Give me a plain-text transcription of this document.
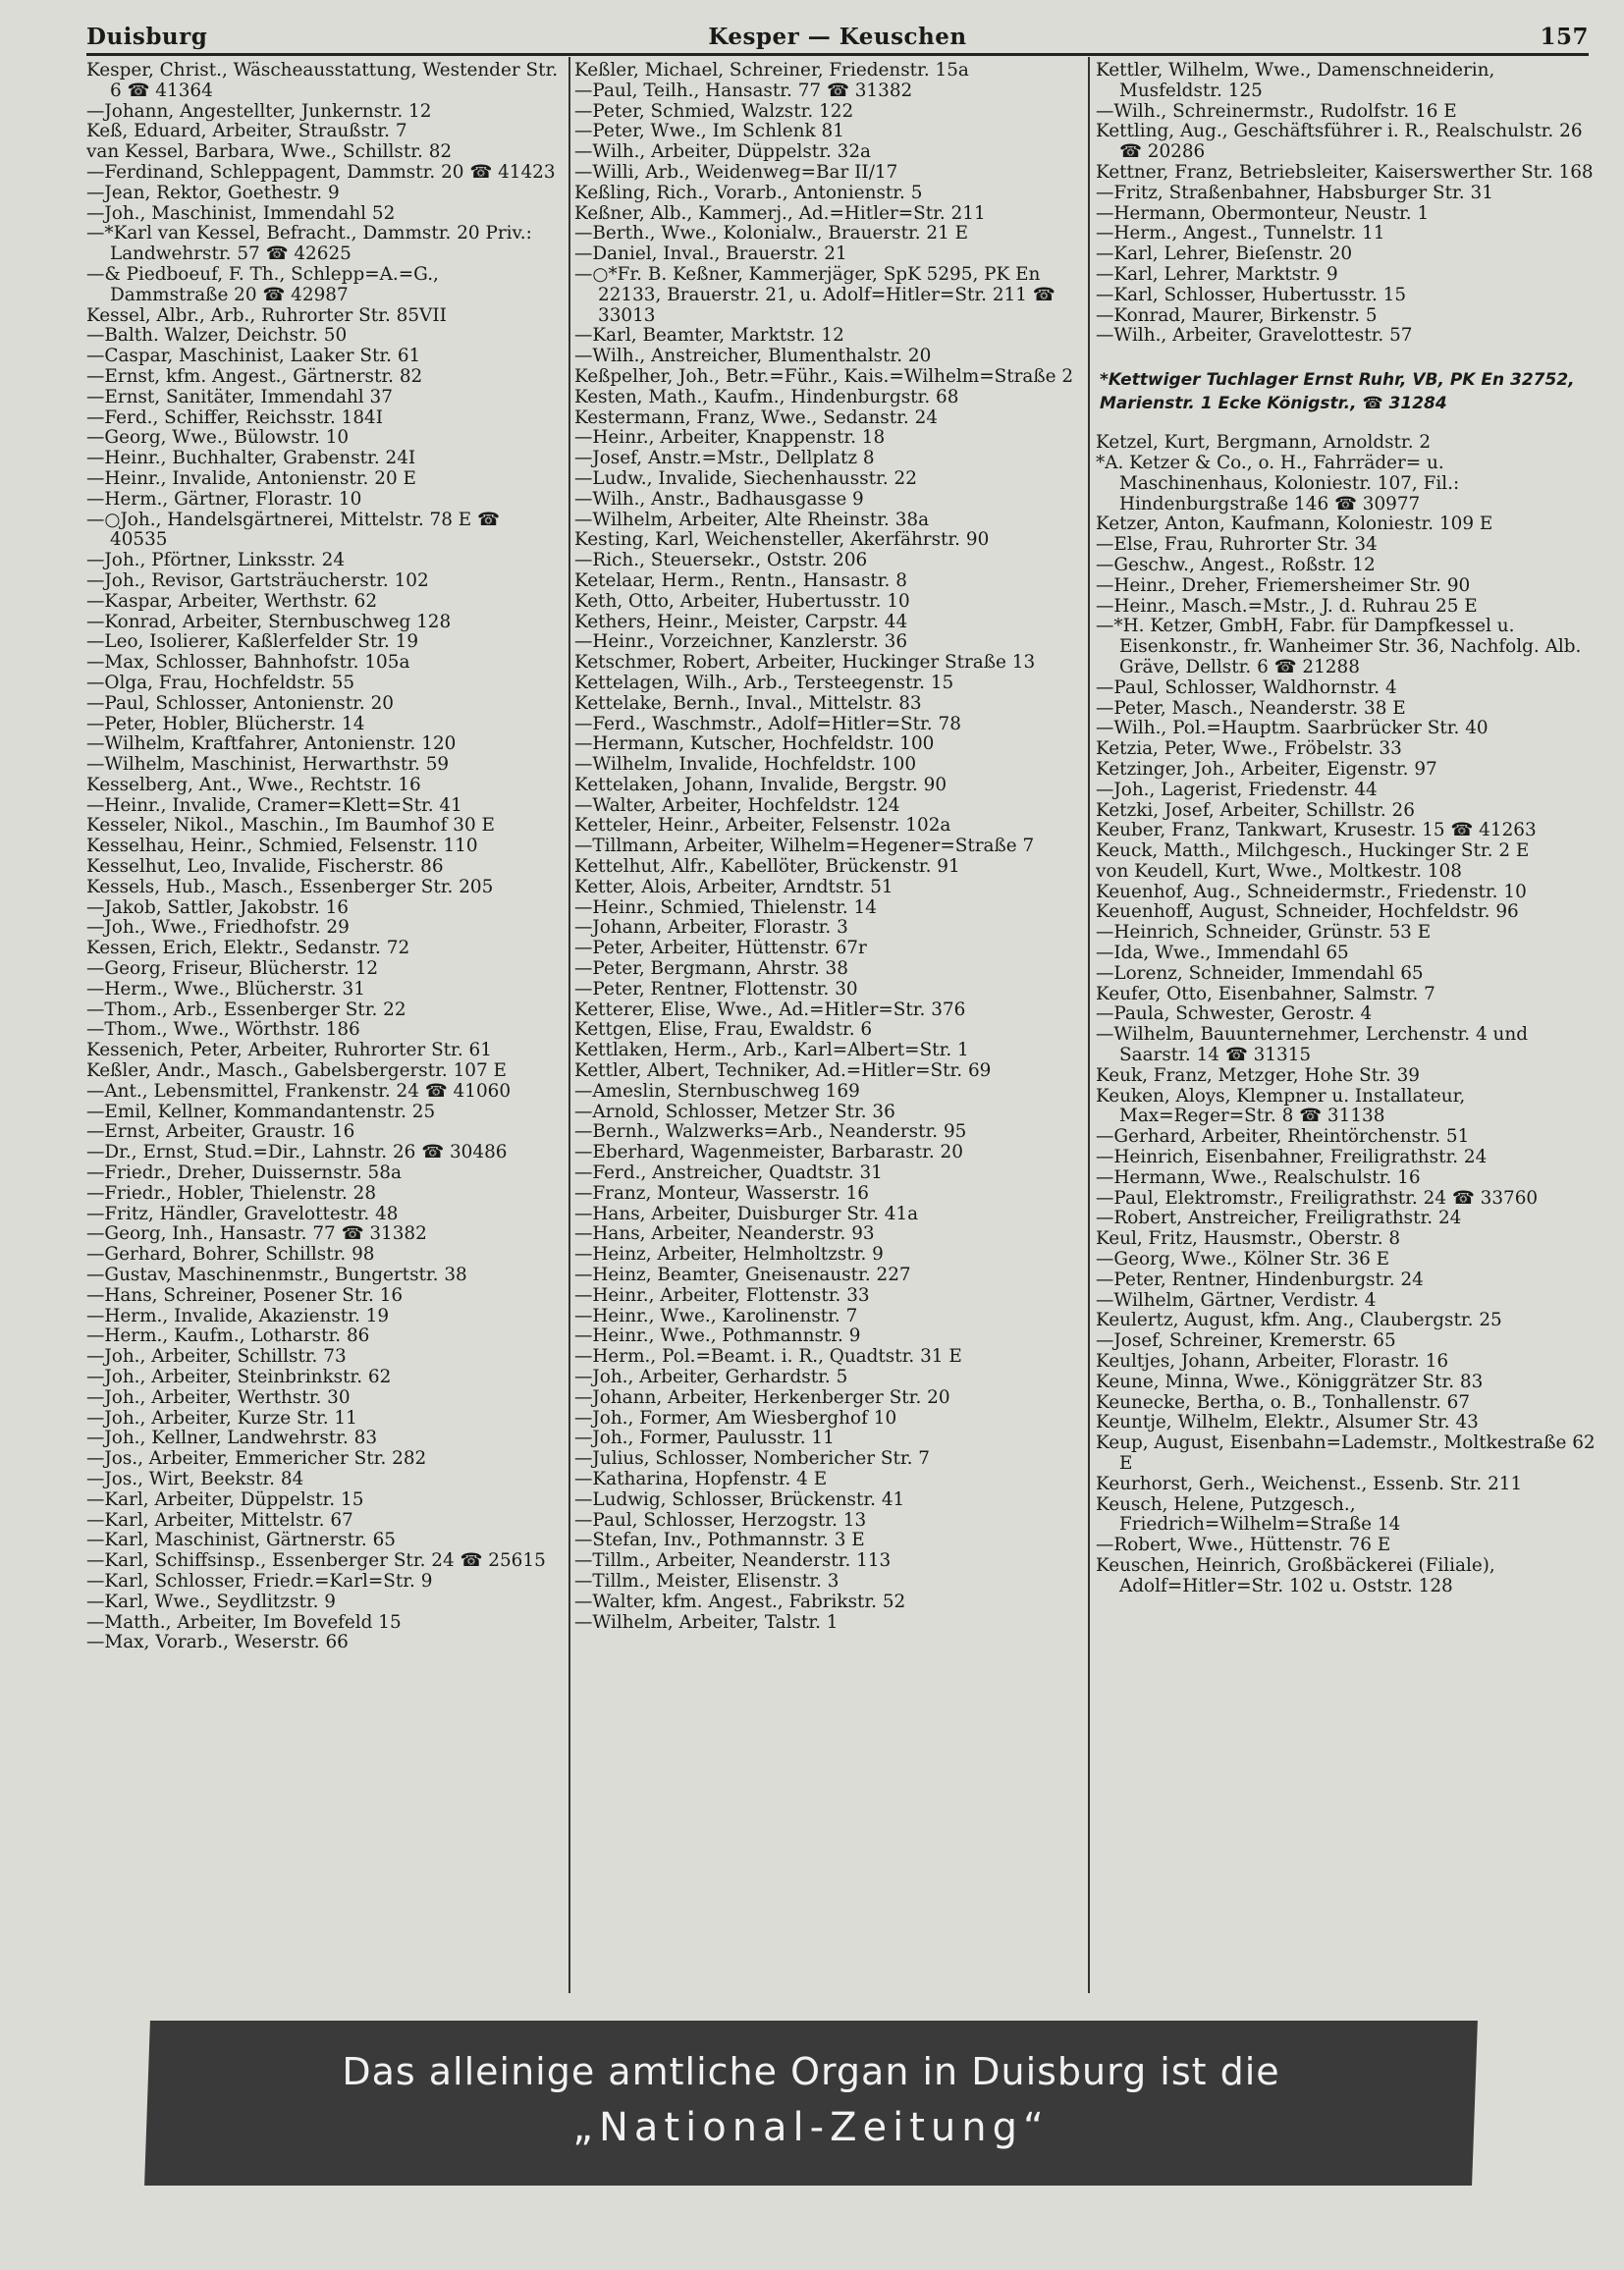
Duisburg	Kesper — Keuschen	157
Kesper, Christ., Wäscheausstattung, Westender Str. 6 ☎ 41364
—Johann, Angestellter, Junkernstr. 12
Keß, Eduard, Arbeiter, Straußstr. 7
van Kessel, Barbara, Wwe., Schillstr. 82
—Ferdinand, Schleppagent, Dammstr. 20 ☎ 41423
—Jean, Rektor, Goethestr. 9
—Joh., Maschinist, Immendahl 52
—*Karl van Kessel, Befracht., Dammstr. 20 Priv.: Landwehrstr. 57 ☎ 42625
—& Piedboeuf, F. Th., Schlepp=A.=G., Dammstraße 20 ☎ 42987
Kessel, Albr., Arb., Ruhrorter Str. 85VII
—Balth. Walzer, Deichstr. 50
—Caspar, Maschinist, Laaker Str. 61
—Ernst, kfm. Angest., Gärtnerstr. 82
—Ernst, Sanitäter, Immendahl 37
—Ferd., Schiffer, Reichsstr. 184I
—Georg, Wwe., Bülowstr. 10
—Heinr., Buchhalter, Grabenstr. 24I
—Heinr., Invalide, Antonienstr. 20 E
—Herm., Gärtner, Florastr. 10
—○Joh., Handelsgärtnerei, Mittelstr. 78 E ☎ 40535
—Joh., Pförtner, Linksstr. 24
—Joh., Revisor, Gartsträucherstr. 102
—Kaspar, Arbeiter, Werthstr. 62
—Konrad, Arbeiter, Sternbuschweg 128
—Leo, Isolierer, Kaßlerfelder Str. 19
—Max, Schlosser, Bahnhofstr. 105a
—Olga, Frau, Hochfeldstr. 55
—Paul, Schlosser, Antonienstr. 20
—Peter, Hobler, Blücherstr. 14
—Wilhelm, Kraftfahrer, Antonienstr. 120
—Wilhelm, Maschinist, Herwarthstr. 59
Kesselberg, Ant., Wwe., Rechtstr. 16
—Heinr., Invalide, Cramer=Klett=Str. 41
Kesseler, Nikol., Maschin., Im Baumhof 30 E
Kesselhau, Heinr., Schmied, Felsenstr. 110
Kesselhut, Leo, Invalide, Fischerstr. 86
Kessels, Hub., Masch., Essenberger Str. 205
—Jakob, Sattler, Jakobstr. 16
—Joh., Wwe., Friedhofstr. 29
Kessen, Erich, Elektr., Sedanstr. 72
—Georg, Friseur, Blücherstr. 12
—Herm., Wwe., Blücherstr. 31
—Thom., Arb., Essenberger Str. 22
—Thom., Wwe., Wörthstr. 186
Kessenich, Peter, Arbeiter, Ruhrorter Str. 61
Keßler, Andr., Masch., Gabelsbergerstr. 107 E
—Ant., Lebensmittel, Frankenstr. 24 ☎ 41060
—Emil, Kellner, Kommandantenstr. 25
—Ernst, Arbeiter, Graustr. 16
—Dr., Ernst, Stud.=Dir., Lahnstr. 26 ☎ 30486
—Friedr., Dreher, Duissernstr. 58a
—Friedr., Hobler, Thielenstr. 28
—Fritz, Händler, Gravelottestr. 48
—Georg, Inh., Hansastr. 77 ☎ 31382
—Gerhard, Bohrer, Schillstr. 98
—Gustav, Maschinenmstr., Bungertstr. 38
—Hans, Schreiner, Posener Str. 16
—Herm., Invalide, Akazienstr. 19
—Herm., Kaufm., Lotharstr. 86
—Joh., Arbeiter, Schillstr. 73
—Joh., Arbeiter, Steinbrinkstr. 62
—Joh., Arbeiter, Werthstr. 30
—Joh., Arbeiter, Kurze Str. 11
—Joh., Kellner, Landwehrstr. 83
—Jos., Arbeiter, Emmericher Str. 282
—Jos., Wirt, Beekstr. 84
—Karl, Arbeiter, Düppelstr. 15
—Karl, Arbeiter, Mittelstr. 67
—Karl, Maschinist, Gärtnerstr. 65
—Karl, Schiffsinsp., Essenberger Str. 24 ☎ 25615
—Karl, Schlosser, Friedr.=Karl=Str. 9
—Karl, Wwe., Seydlitzstr. 9
—Matth., Arbeiter, Im Bovefeld 15
—Max, Vorarb., Weserstr. 66
Keßler, Michael, Schreiner, Friedenstr. 15a
—Paul, Teilh., Hansastr. 77 ☎ 31382
—Peter, Schmied, Walzstr. 122
—Peter, Wwe., Im Schlenk 81
—Wilh., Arbeiter, Düppelstr. 32a
—Willi, Arb., Weidenweg=Bar II/17
Keßling, Rich., Vorarb., Antonienstr. 5
Keßner, Alb., Kammerj., Ad.=Hitler=Str. 211
—Berth., Wwe., Kolonialw., Brauerstr. 21 E
—Daniel, Inval., Brauerstr. 21
—○*Fr. B. Keßner, Kammerjäger, SpK 5295, PK En 22133, Brauerstr. 21, u. Adolf=Hitler=Str. 211 ☎ 33013
—Karl, Beamter, Marktstr. 12
—Wilh., Anstreicher, Blumenthalstr. 20
Keßpelher, Joh., Betr.=Führ., Kais.=Wilhelm=Straße 2
Kesten, Math., Kaufm., Hindenburgstr. 68
Kestermann, Franz, Wwe., Sedanstr. 24
—Heinr., Arbeiter, Knappenstr. 18
—Josef, Anstr.=Mstr., Dellplatz 8
—Ludw., Invalide, Siechenhausstr. 22
—Wilh., Anstr., Badhausgasse 9
—Wilhelm, Arbeiter, Alte Rheinstr. 38a
Kesting, Karl, Weichensteller, Akerfährstr. 90
—Rich., Steuersekr., Oststr. 206
Ketelaar, Herm., Rentn., Hansastr. 8
Keth, Otto, Arbeiter, Hubertusstr. 10
Kethers, Heinr., Meister, Carpstr. 44
—Heinr., Vorzeichner, Kanzlerstr. 36
Ketschmer, Robert, Arbeiter, Huckinger Straße 13
Kettelagen, Wilh., Arb., Tersteegenstr. 15
Kettelake, Bernh., Inval., Mittelstr. 83
—Ferd., Waschmstr., Adolf=Hitler=Str. 78
—Hermann, Kutscher, Hochfeldstr. 100
—Wilhelm, Invalide, Hochfeldstr. 100
Kettelaken, Johann, Invalide, Bergstr. 90
—Walter, Arbeiter, Hochfeldstr. 124
Ketteler, Heinr., Arbeiter, Felsenstr. 102a
—Tillmann, Arbeiter, Wilhelm=Hegener=Straße 7
Kettelhut, Alfr., Kabellöter, Brückenstr. 91
Ketter, Alois, Arbeiter, Arndtstr. 51
—Heinr., Schmied, Thielenstr. 14
—Johann, Arbeiter, Florastr. 3
—Peter, Arbeiter, Hüttenstr. 67r
—Peter, Bergmann, Ahrstr. 38
—Peter, Rentner, Flottenstr. 30
Ketterer, Elise, Wwe., Ad.=Hitler=Str. 376
Kettgen, Elise, Frau, Ewaldstr. 6
Kettlaken, Herm., Arb., Karl=Albert=Str. 1
Kettler, Albert, Techniker, Ad.=Hitler=Str. 69
—Ameslin, Sternbuschweg 169
—Arnold, Schlosser, Metzer Str. 36
—Bernh., Walzwerks=Arb., Neanderstr. 95
—Eberhard, Wagenmeister, Barbarastr. 20
—Ferd., Anstreicher, Quadtstr. 31
—Franz, Monteur, Wasserstr. 16
—Hans, Arbeiter, Duisburger Str. 41a
—Hans, Arbeiter, Neanderstr. 93
—Heinz, Arbeiter, Helmholtzstr. 9
—Heinz, Beamter, Gneisenaustr. 227
—Heinr., Arbeiter, Flottenstr. 33
—Heinr., Wwe., Karolinenstr. 7
—Heinr., Wwe., Pothmannstr. 9
—Herm., Pol.=Beamt. i. R., Quadtstr. 31 E
—Joh., Arbeiter, Gerhardstr. 5
—Johann, Arbeiter, Herkenberger Str. 20
—Joh., Former, Am Wiesberghof 10
—Joh., Former, Paulusstr. 11
—Julius, Schlosser, Nombericher Str. 7
—Katharina, Hopfenstr. 4 E
—Ludwig, Schlosser, Brückenstr. 41
—Paul, Schlosser, Herzogstr. 13
—Stefan, Inv., Pothmannstr. 3 E
—Tillm., Arbeiter, Neanderstr. 113
—Tillm., Meister, Elisenstr. 3
—Walter, kfm. Angest., Fabrikstr. 52
—Wilhelm, Arbeiter, Talstr. 1
Kettler, Wilhelm, Wwe., Damenschneiderin, Musfeldstr. 125
—Wilh., Schreinermstr., Rudolfstr. 16 E
Kettling, Aug., Geschäftsführer i. R., Realschulstr. 26 ☎ 20286
Kettner, Franz, Betriebsleiter, Kaiserswerther Str. 168
—Fritz, Straßenbahner, Habsburger Str. 31
—Hermann, Obermonteur, Neustr. 1
—Herm., Angest., Tunnelstr. 11
—Karl, Lehrer, Bieſenstr. 20
—Karl, Lehrer, Marktstr. 9
—Karl, Schlosser, Hubertusstr. 15
—Konrad, Maurer, Birkenstr. 5
—Wilh., Arbeiter, Gravelottestr. 57
*Kettwiger Tuchlager Ernst Ruhr, VB, PK En 32752, Marienstr. 1 Ecke Königstr., ☎ 31284
Ketzel, Kurt, Bergmann, Arnoldstr. 2
*A. Ketzer & Co., o. H., Fahrräder= u. Maschinenhaus, Koloniestr. 107, Fil.: Hindenburgstraße 146 ☎ 30977
Ketzer, Anton, Kaufmann, Koloniestr. 109 E
—Else, Frau, Ruhrorter Str. 34
—Geschw., Angest., Roßstr. 12
—Heinr., Dreher, Friemersheimer Str. 90
—Heinr., Masch.=Mstr., J. d. Ruhrau 25 E
—*H. Ketzer, GmbH, Fabr. für Dampfkessel u. Eisenkonstr., fr. Wanheimer Str. 36, Nachfolg. Alb. Gräve, Dellstr. 6 ☎ 21288
—Paul, Schlosser, Waldhornstr. 4
—Peter, Masch., Neanderstr. 38 E
—Wilh., Pol.=Hauptm. Saarbrücker Str. 40
Ketzia, Peter, Wwe., Fröbelstr. 33
Ketzinger, Joh., Arbeiter, Eigenstr. 97
—Joh., Lagerist, Friedenstr. 44
Ketzki, Josef, Arbeiter, Schillstr. 26
Keuber, Franz, Tankwart, Krusestr. 15 ☎ 41263
Keuck, Matth., Milchgesch., Huckinger Str. 2 E
von Keudell, Kurt, Wwe., Moltkestr. 108
Keuenhof, Aug., Schneidermstr., Friedenstr. 10
Keuenhoff, August, Schneider, Hochfeldstr. 96
—Heinrich, Schneider, Grünstr. 53 E
—Ida, Wwe., Immendahl 65
—Lorenz, Schneider, Immendahl 65
Keufer, Otto, Eisenbahner, Salmstr. 7
—Paula, Schwester, Gerostr. 4
—Wilhelm, Bauunternehmer, Lerchenstr. 4 und Saarstr. 14 ☎ 31315
Keuk, Franz, Metzger, Hohe Str. 39
Keuken, Aloys, Klempner u. Installateur, Max=Reger=Str. 8 ☎ 31138
—Gerhard, Arbeiter, Rheintörchenstr. 51
—Heinrich, Eisenbahner, Freiligrathstr. 24
—Hermann, Wwe., Realschulstr. 16
—Paul, Elektromstr., Freiligrathstr. 24 ☎ 33760
—Robert, Anstreicher, Freiligrathstr. 24
Keul, Fritz, Hausmstr., Oberstr. 8
—Georg, Wwe., Kölner Str. 36 E
—Peter, Rentner, Hindenburgstr. 24
—Wilhelm, Gärtner, Verdistr. 4
Keulertz, August, kfm. Ang., Claubergstr. 25
—Josef, Schreiner, Kremerstr. 65
Keultjes, Johann, Arbeiter, Florastr. 16
Keune, Minna, Wwe., Königgrätzer Str. 83
Keunecke, Bertha, o. B., Tonhallenstr. 67
Keuntje, Wilhelm, Elektr., Alsumer Str. 43
Keup, August, Eisenbahn=Lademstr., Moltkestraße 62 E
Keurhorst, Gerh., Weichenst., Essenb. Str. 211
Keusch, Helene, Putzgesch., Friedrich=Wilhelm=Straße 14
—Robert, Wwe., Hüttenstr. 76 E
Keuschen, Heinrich, Großbäckerei (Filiale), Adolf=Hitler=Str. 102 u. Oststr. 128
Das alleinige amtliche Organ in Duisburg ist die
„National-Zeitung“
